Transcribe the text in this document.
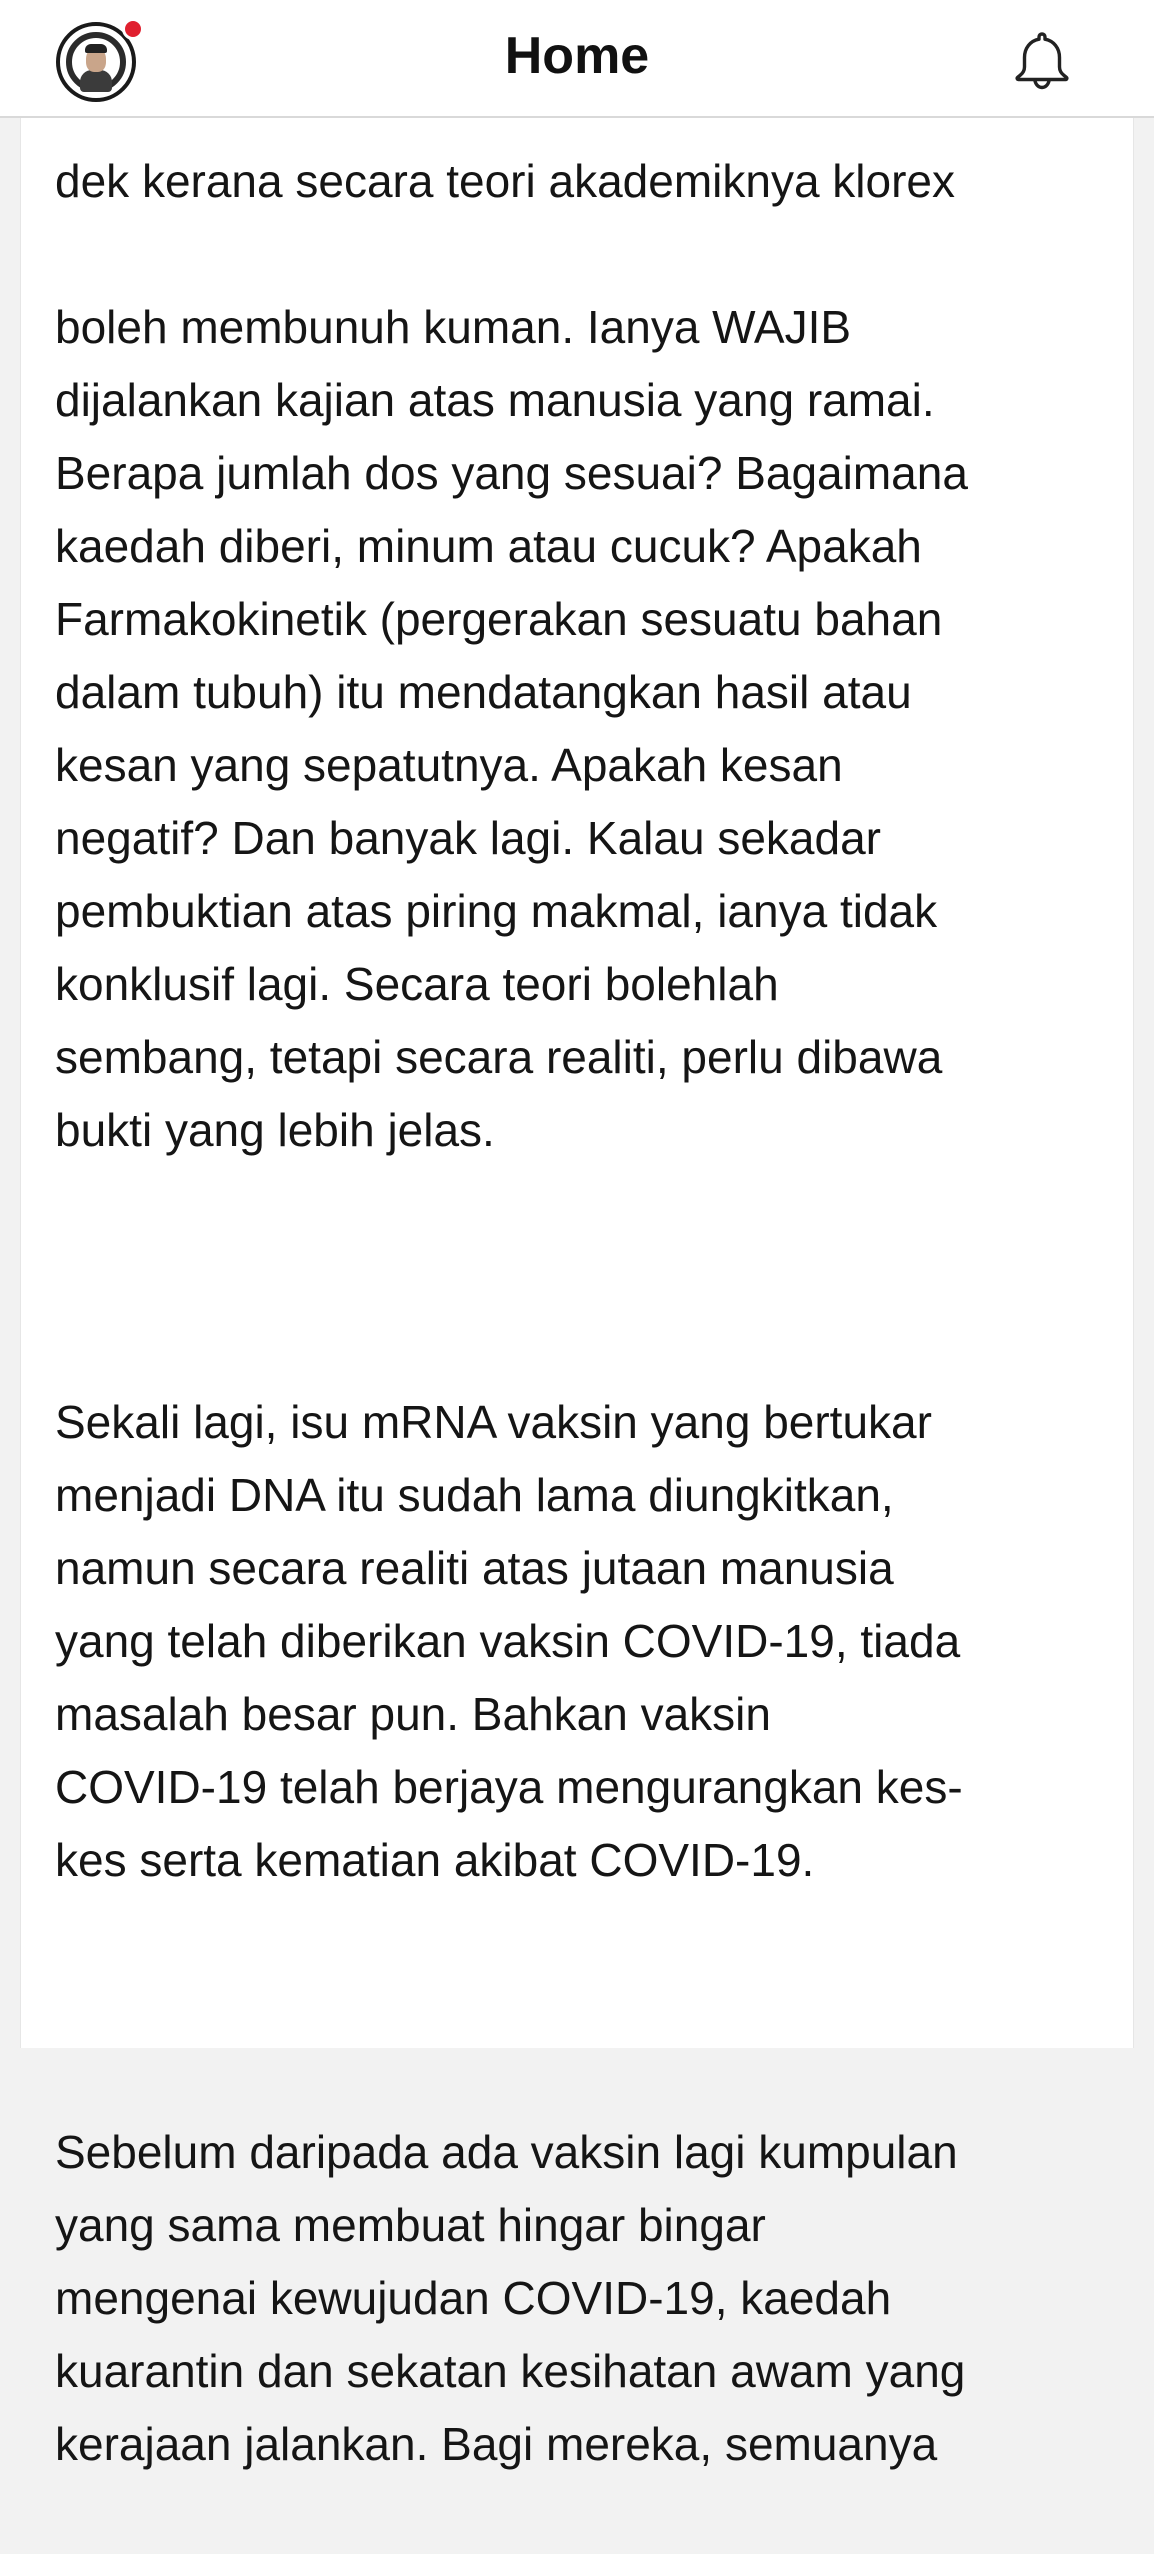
dek kerana secara teori akademiknya klorex

boleh membunuh kuman. Ianya WAJIB
dijalankan kajian atas manusia yang ramai.
Berapa jumlah dos yang sesuai? Bagaimana
kaedah diberi, minum atau cucuk? Apakah
Farmakokinetik (pergerakan sesuatu bahan
dalam tubuh) itu mendatangkan hasil atau
kesan yang sepatutnya. Apakah kesan
negatif? Dan banyak lagi. Kalau sekadar
pembuktian atas piring makmal, ianya tidak
konklusif lagi. Secara teori bolehlah
sembang, tetapi secara realiti, perlu dibawa
bukti yang lebih jelas.

Sekali lagi, isu mRNA vaksin yang bertukar
menjadi DNA itu sudah lama diungkitkan,
namun secara realiti atas jutaan manusia
yang telah diberikan vaksin COVID-19, tiada
masalah besar pun. Bahkan vaksin
COVID-19 telah berjaya mengurangkan kes-
kes serta kematian akibat COVID-19.

Sebelum daripada ada vaksin lagi kumpulan
yang sama membuat hingar bingar
mengenai kewujudan COVID-19, kaedah
kuarantin dan sekatan kesihatan awam yang
kerajaan jalankan. Bagi mereka, semuanya

Home
